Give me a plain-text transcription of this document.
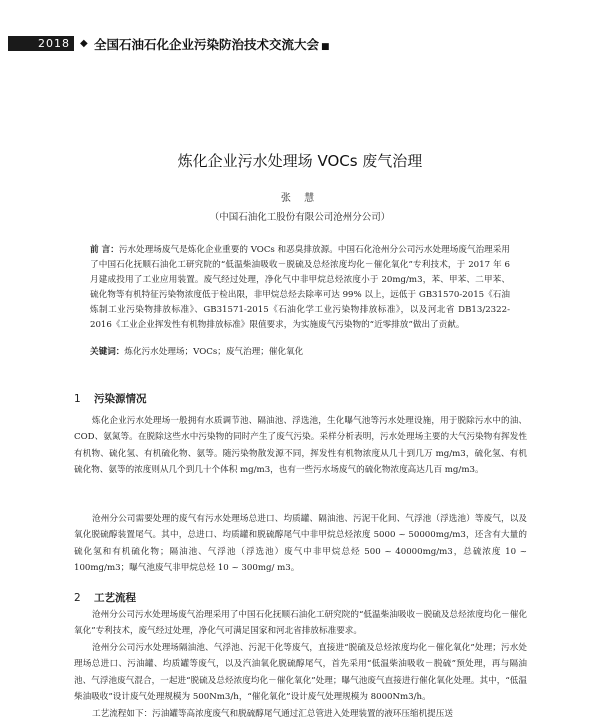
2018	◆ 全国石油石化企业污染防治技术交流大会 ■
炼化企业污水处理场 VOCs 废气治理
张 慧
（中国石油化工股份有限公司沧州分公司）
前 言：污水处理场废气是炼化企业重要的 VOCs 和恶臭排放源。中国石化沧州分公司污水处理场废气治理采用了中国石化抚顺石油化工研究院的“低温柴油吸收－脱硫及总烃浓度均化－催化氧化”专利技术，于 2017 年 6 月建成投用了工业应用装置。废气经过处理，净化气中非甲烷总烃浓度小于 20mg/m3，苯、甲苯、二甲苯、硫化物等有机特征污染物浓度低于检出限，非甲烷总烃去除率可达 99% 以上，远低于 GB31570-2015《石油炼制工业污染物排放标准》、GB31571-2015《石油化学工业污染物排放标准》，以及河北省 DB13/2322-2016《工业企业挥发性有机物排放标准》限值要求，为实施废气污染物的“近零排放”做出了贡献。
关键词：炼化污水处理场；VOCs；废气治理；催化氧化
1 污染源情况
炼化企业污水处理场一般拥有水质调节池、隔油池、浮选池，生化曝气池等污水处理设施，用于脱除污水中的油、COD、氨氮等。在脱除这些水中污染物的同时产生了废气污染。采样分析表明，污水处理场主要的大气污染物有挥发性有机物、硫化氢、有机硫化物、氨等。随污染物散发源不同，挥发性有机物浓度从几十到几万 mg/m3，硫化氢、有机硫化物、氨等的浓度则从几个到几十个体积 mg/m3，也有一些污水场废气的硫化物浓度高达几百 mg/m3。
沧州分公司需要处理的废气有污水处理场总进口、均质罐、隔油池、污泥干化间、气浮池（浮选池）等废气，以及氧化脱硫醇装置尾气。其中，总进口、均质罐和脱硫醇尾气中非甲烷总烃浓度 5000 ~ 50000mg/m3，还含有大量的硫化氢和有机硫化物；隔油池、气浮池（浮选池）废气中非甲烷总烃 500 ~ 40000mg/m3，总硫浓度 10 ~ 100mg/m3；曝气池废气非甲烷总烃 10 ~ 300mg/ m3。
2 工艺流程
沧州分公司污水处理场废气治理采用了中国石化抚顺石油化工研究院的“低温柴油吸收－脱硫及总烃浓度均化－催化氧化”专利技术，废气经过处理，净化气可满足国家和河北省排放标准要求。
沧州分公司污水处理场隔油池、气浮池、污泥干化等废气，直接进“脱硫及总烃浓度均化－催化氧化”处理；污水处理场总进口、污油罐、均质罐等废气，以及汽油氧化脱硫醇尾气，首先采用“低温柴油吸收－脱硫”预处理，再与隔油池、气浮池废气混合，一起进“脱硫及总烃浓度均化－催化氧化”处理；曝气池废气直接进行催化氧化处理。其中，“低温柴油吸收”设计废气处理规模为 500Nm3/h，“催化氧化”设计废气处理规模为 8000Nm3/h。
工艺流程如下：污油罐等高浓度废气和脱硫醇尾气通过汇总管进入处理装置的液环压缩机提压送
